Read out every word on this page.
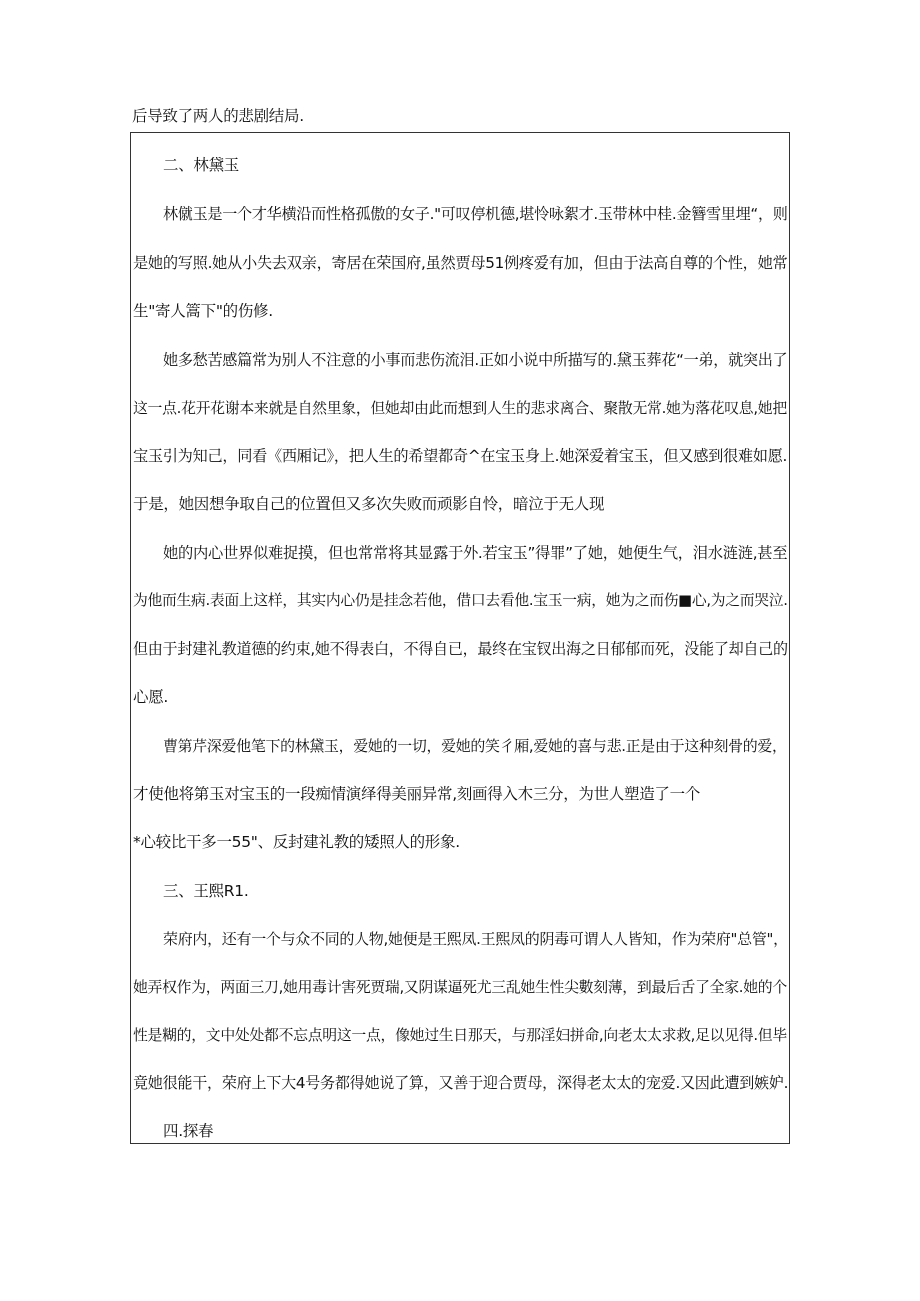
后导致了两人的悲剧结局.
二、林黛玉
林僦玉是一个才华横沿而性格孤傲的女子."可叹停机德,堪怜咏絮才.玉带林中桂.金簪雪里埋“，则
是她的写照.她从小失去双亲，寄居在荣国府,虽然贾母51例疼爱有加，但由于法高自尊的个性，她常
生"寄人篙下"的伤修.
她多愁苦感篇常为别人不注意的小事而悲伤流泪.正如小说中所描写的.黛玉葬花“一弟，就突出了
这一点.花开花谢本来就是自然里象，但她却由此而想到人生的悲求离合、聚散无常.她为落花叹息,她把
宝玉引为知己，同看《西厢记》，把人生的希望都奇^在宝玉身上.她深爱着宝玉，但又感到很难如愿.
于是，她因想争取自己的位置但又多次失败而顽影自怜，暗泣于无人现
她的内心世界似难捉摸，但也常常将其显露于外.若宝玉”得罪”了她，她便生气，泪水涟涟,甚至
为他而生病.表面上这样，其实内心仍是挂念若他，借口去看他.宝玉一病，她为之而伤■心,为之而哭泣.
但由于封建礼教道德的约束,她不得表白，不得自已，最终在宝钗出海之日郁郁而死，没能了却自己的
心愿.
曹第芹深爱他笔下的林黛玉，爱她的一切，爱她的笑彳厢,爱她的喜与悲.正是由于这种刻骨的爱，
才使他将第玉对宝玉的一段痴情演绎得美丽异常,刻画得入木三分，为世人塑造了一个
*心较比干多一55"、反封建礼教的矮照人的形象.
三、王熙R1.
荣府内，还有一个与众不同的人物,她便是王熙凤.王熙凤的阴毒可谓人人皆知，作为荣府"总管"，
她弄权作为，两面三刀,她用毒计害死贾瑞,又阴谋逼死尤三乱她生性尖數刻薄，到最后舌了全家.她的个
性是糊的，文中处处都不忘点明这一点，像她过生日那天，与那淫妇拼命,向老太太求救,足以见得.但毕
竟她很能干，荣府上下大4号务都得她说了算，又善于迎合贾母，深得老太太的宠爱.又因此遭到嫉妒.
四.探春
